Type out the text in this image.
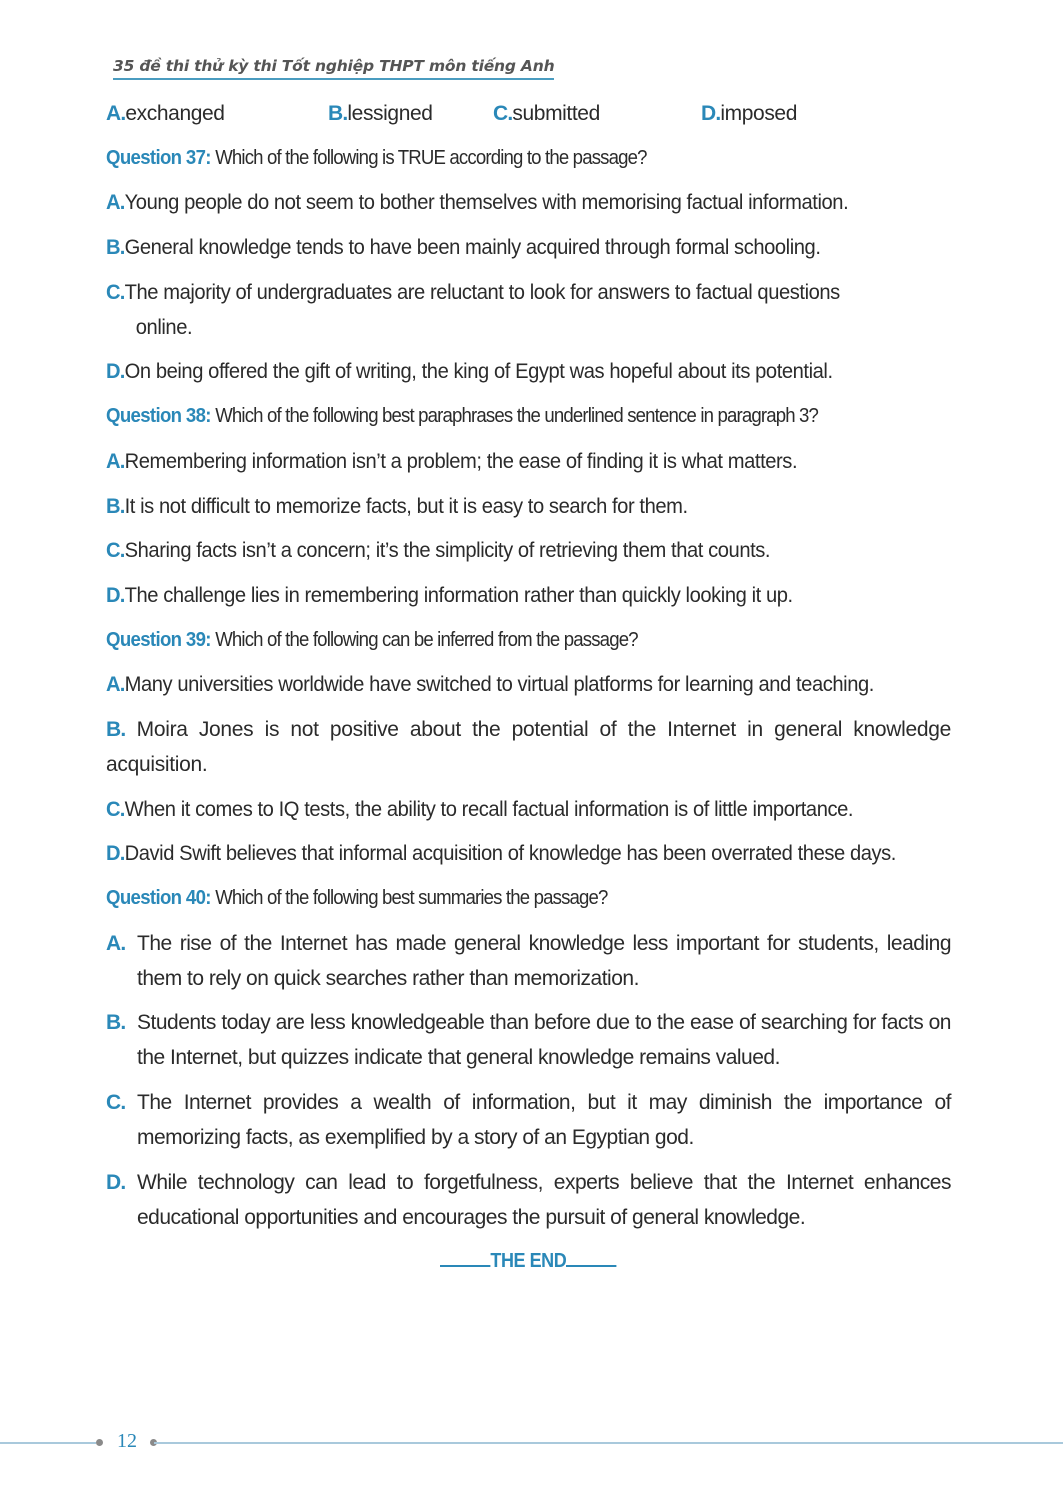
35 đề thi thử kỳ thi Tốt nghiệp THPT môn tiếng Anh
A.exchanged	B.lessigned	C.submitted	D.imposed
Question 37: Which of the following is TRUE according to the passage?
A.Young people do not seem to bother themselves with memorising factual information.
B.General knowledge tends to have been mainly acquired through formal schooling.
C.The majority of undergraduates are reluctant to look for answers to factual questions
online.
D.On being offered the gift of writing, the king of Egypt was hopeful about its potential.
Question 38: Which of the following best paraphrases the underlined sentence in paragraph 3?
A.Remembering information isn’t a problem; the ease of finding it is what matters.
B.It is not difficult to memorize facts, but it is easy to search for them.
C.Sharing facts isn’t a concern; it’s the simplicity of retrieving them that counts.
D.The challenge lies in remembering information rather than quickly looking it up.
Question 39: Which of the following can be inferred from the passage?
A.Many universities worldwide have switched to virtual platforms for learning and teaching.
B. Moira Jones is not positive about the potential of the Internet in general knowledge acquisition.
C.When it comes to IQ tests, the ability to recall factual information is of little importance.
D.David Swift believes that informal acquisition of knowledge has been overrated these days.
Question 40: Which of the following best summaries the passage?
A. The rise of the Internet has made general knowledge less important for students, leading them to rely on quick searches rather than memorization.
B. Students today are less knowledgeable than before due to the ease of searching for facts on the Internet, but quizzes indicate that general knowledge remains valued.
C. The Internet provides a wealth of information, but it may diminish the importance of memorizing facts, as exemplified by a story of an Egyptian god.
D. While technology can lead to forgetfulness, experts believe that the Internet enhances educational opportunities and encourages the pursuit of general knowledge.
THE END
12
